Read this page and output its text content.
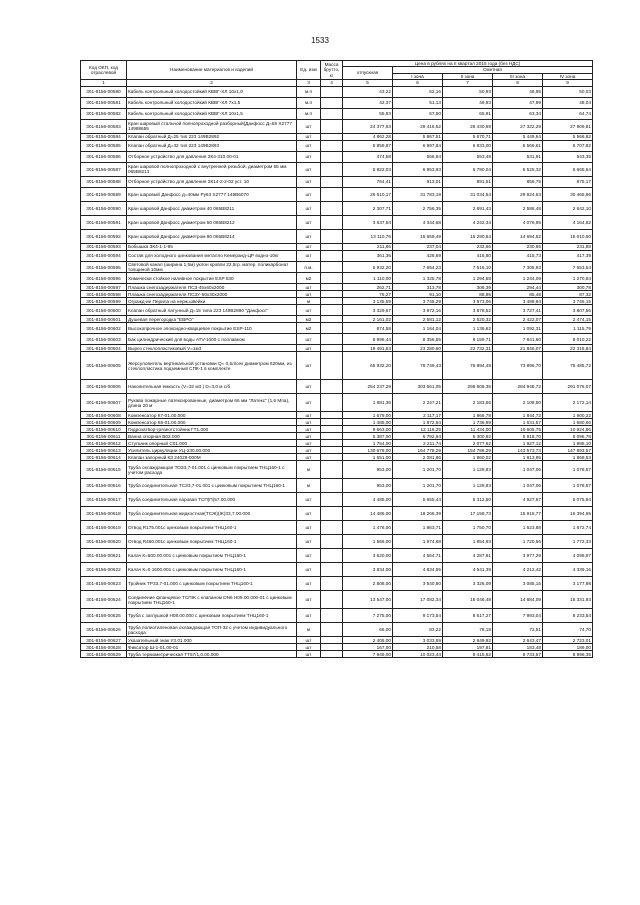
1533
Код ОКП, код отраслевой	Наименование материалов и изделий	Ед. изм	Масса брутто, кг	Цена в рублях на II квартал 2015 года (без НДС)				
				отпускная	Сметная			
					I зона	II зона	III зона	IV зона
1	2	3	4	5	6	7	8	9
301-8156-00580	Кабель контрольный холодостойкий КВВГ-ХЛ 10х1,0	м.п		43,22	52,16	50,93	48,95	50,03
301-8156-00581	Кабель контрольный холодостойкий КВВГ-ХЛ 7х1,5	м.п		42,37	51,13	49,93	47,99	48,04
301-8156-00582	Кабель контрольный холодостойкий КВВГ-ХЛ 10х1,5	м.п		55,93	67,50	65,91	63,34	64,74
301-8156-00583	Кран шаровый стальной полнопроходной разборный(Данфосс Д=65 X2777 14988655	шт		24 377,53	29 416,52	28 430,69	27 322,29	27 909,81
301-8156-00584	Клапан обратный Д=25 тип 223 149В2892	шт		4 862,28	5 867,51	5 670,71	5 449,64	5 566,82
301-8156-00585	Клапан обратный Д=32 тип 223 149В2893	шт		5 859,87	6 997,84	6 833,00	6 566,61	6 707,82
301-8156-00586	Отборное устройство для давления ЗК4-310.00-01	шт		474,58	566,84	553,49	531,91	543,35
301-8156-00587	Кран шаровой полнопроходной с внутренней резьбой, диаметром 65 мм 065В8213	шт		5 822,03	6 953,93	6 790,04	6 525,32	6 665,64
301-8156-00588	Отборное устройство для давления ЗК14-2-2-02 уст. 10	шт		764,41	913,01	891,51	856,75	875,17
301-8156-00589	Кран шаровый Данфосс д=40мм Ру63 Х2777 149В6070	шт		26 610,17	31 783,19	31 034,54	29 824,63	30 465,96
301-8156-00590	Кран шаровой Данфосс диаметром 40 065В8211	шт		2 307,71	2 756,35	2 691,43	2 586,48	2 642,10
301-8156-00591	Кран шаровой Данфосс диаметром 50 065В8212	шт		3 637,54	4 344,68	4 242,34	4 076,95	4 164,62
301-8156-00592	Кран шаровой Данфосс диаметром 80 065В8214	шт		13 110,76	15 659,49	15 290,64	14 694,52	15 010,50
301-8156-00593	Бобышка ЗК4-1-1-95	шт		211,86	237,04	232,66	230,95	231,88
301-8156-00594	Состав для холодного цинкования металло Кемеранд-ЦР водно-10кг	шт		361,36	428,69	416,80	415,73	417,39
301-8156-00595	Световой канал (ширина 1,5м) уклон кровли 22,5гр. матер. поликарбонат толщиной 10мм	п.м.		5 932,20	7 654,23	7 516,10	7 305,93	7 653,54
301-8156-00596	Химически стойкое наливное покрытие ESP 530	м2		1 110,00	1 325,78	1 294,58	1 244,09	1 270,84
301-8156-00597	Плашка снегозадержателя ПСЗ-45х60х2000	шт		262,71	313,78	306,39	294,44	300,78
301-8156-00598	Плашка снегозадержателя ПСЗУ-50х30х2000	шт		76,27	91,10	88,95	85,48	87,32
301-8156-00599	Огражд-ие Перила на нерж.швейки	м		3 135,59	3 745,29	3 573,06	3 488,84	3 745,15
301-8156-00600	Клапан обратный латунный Д=15 типа 223 149В2890 "Данфосс"	шт		3 329,67	3 972,16	3 878,52	3 727,41	3 807,56
301-8156-00601	Душевая перегородка "ЕВРО"	м2		2 161,02	2 581,12	2 520,32	2 422,07	2 474,15
301-8156-00602	Высокопрочное эпоксидно-кварцевое покрытие ESP-110	м2		974,58	1 164,04	1 136,62	1 092,31	1 115,79
301-8156-00603	Бак цилиндрический для воды ATV-1000 с поплавком	шт		6 996,44	8 356,55	8 159,71	7 841,60	8 010,22
301-8156-00604	Вырез стеклопластиковый V=1м3	шт		19 491,53	23 280,60	22 732,31	21 846,07	22 315,84
301-8156-00605	Жерсуловитель вертикальной установки Q= 0,5л/сек диаметром 620мм, из стеклопластика подземный СПК-1 в комплекте	шт		65 932,20	78 749,43	76 894,49	73 896,70	75 485,72
301-8156-00606	Накопительная емкость (V=32 м3 ) D=3,0 м с/б	шт		254 237,29	303 661,05	296 508,35	284 948,72	291 076,07
301-8156-00607	Рукава пожарные латексированные, диаметром 66 мм "Латекс" (1,6 Мпа), длина 20 м	шт		1 881,36	2 247,21	2 183,56	2 108,50	2 172,14
301-8156-00608	Компенсатор К7-01.00.000	шт		1 679,00	2 117,17	1 966,78	1 844,72	1 900,22
301-8156-00609	Компенсатор К6-01.00.000	шт		1 485,00	1 872,54	1 736,99	1 631,57	1 680,66
301-8156-00610	Гидрозатвор-грязеотстойник ГТ1.000	шт		9 663,00	12 116,25	11 434,00	10 605,75	10 924,86
301-8156-00611	Ванна опорная В02.000	шт		5 387,00	6 792,64	6 300,92	5 918,70	6 096,78
301-8156-00612	Стульчик опорный С01.000	шт		1 754,00	2 211,74	2 077,62	1 927,12	1 985,10
301-8156-00613	Усилитель циркуляции УЦ-230.00.000	шт		130 678,00	164 778,29	154 786,29	143 573,73	147 893,57
301-8156-00614	Клапан запорный КЗ 24028-000М	шт		1 651,00	2 081,86	1 960,02	1 813,95	1 868,53
301-8156-00615	Труба охлаждающая ТОЗ3,7-01.001 с цинковым покрытием ТНЦ160-1 с учетом расхода	м		953,00	1 201,70	1 128,83	1 047,06	1 078,57
301-8156-00616	Труба соединительная ТСЗ3,7-01.001 с цинковым покрытием ТНЦ160-1	м		953,00	1 201,70	1 128,83	1 047,06	1 078,57
301-8156-00617	Труба соединительная паровая ТСП(П)57.00.000	шт		4 485,00	5 655,44	5 312,50	4 927,67	5 075,94
301-8156-00618	Труба соединительная жидкостная(ТСЖ)(Ж)33,7.00.000	шт		14 486,00	18 266,39	17 158,73	15 915,77	16 394,65
301-8156-00619	Отвод R175.001с цинковым покрытием ТНЦ160-1	шт		1 478,00	1 863,71	1 750,70	1 623,88	1 672,74
301-8156-00620	Отвод R460.001с цинковым покрытием ТНЦ160-1	шт		1 566,00	1 974,68	1 854,93	1 720,56	1 772,33
301-8156-00621	Калач К=500.00.001 с цинковым покрытием ТНЦ160-1	шт		3 620,00	4 564,71	4 287,91	3 977,29	4 096,97
301-8156-00622	Калач К=0 1600.001 с цинковым покрытием ТНЦ160-1	шт		3 834,00	4 834,55	4 541,39	4 212,42	4 339,16
301-8156-00623	Тройник ТР33,7-01.000 с цинковым покрытием ТНЦ160-1	шт		2 808,00	3 540,80	3 326,09	3 085,15	3 177,98
301-8156-00624	Соединение фланцевое ТСПЖ с клапаном DN6 Н09.00.000-01 с цинковым покрытием ТНЦ160-1	шт		13 547,00	17 082,34	16 046,48	14 884,09	15 331,93
301-8156-00625	Труба с заглушкой Н08.00.000 с цинковым покрытием ТНЦ160-1	шт		7 275,00	9 173,54	8 617,27	7 993,04	8 233,54
301-8156-00626	Труба полиэтиленовая охлаждающая ТОП-32 с учетом индивидуального расхода	м		66,00	83,22	78,18	72,51	74,70
301-8156-00627	Указательный знак У3.01.000	шт		2 405,00	3 033,59	2 849,92	2 643,47	2 723,01
301-8156-00628	Фиксатор Ш-1-01.00-01	шт		167,00	210,58	197,81	183,48	189,00
301-8156-00629	Труба термометрическая ТТ57/1,0.00.000	шт		7 949,00	10 023,44	9 415,62	8 733,57	8 996,35
